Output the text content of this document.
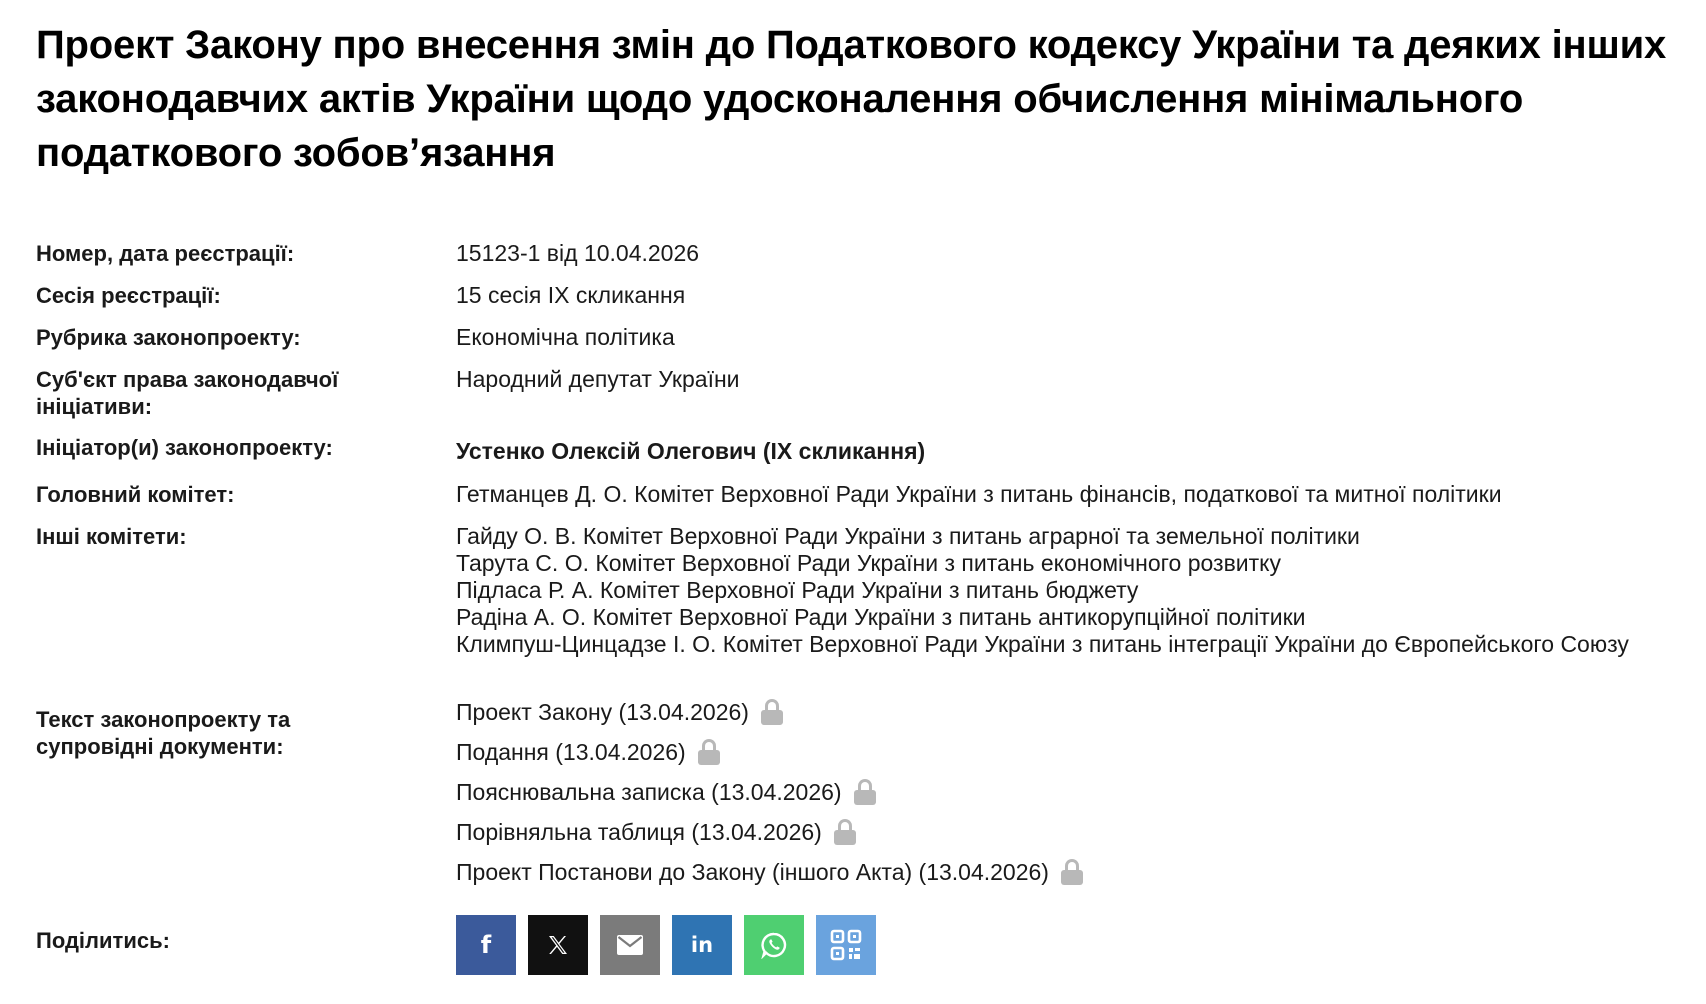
Проект Закону про внесення змін до Податкового кодексу України та деяких інших законодавчих актів України щодо удосконалення обчислення мінімального податкового зобов’язання
Номер, дата реєстрації:	15123-1 від 10.04.2026
Сесія реєстрації:	15 сесія IX скликання
Рубрика законопроекту:	Економічна політика
Суб'єкт права законодавчої ініціативи:
Народний депутат України
Ініціатор(и) законопроекту:	Устенко Олексій Олегович (IX скликання)
Головний комітет:	Гетманцев Д. О. Комітет Верховної Ради України з питань фінансів, податкової та митної політики
Інші комітети:	Гайду О. В. Комітет Верховної Ради України з питань аграрної та земельної політики
Тарута С. О. Комітет Верховної Ради України з питань економічного розвитку
Підласа Р. А. Комітет Верховної Ради України з питань бюджету
Радіна А. О. Комітет Верховної Ради України з питань антикорупційної політики
Климпуш-Цинцадзе І. О. Комітет Верховної Ради України з питань інтеграції України до Європейського Союзу
Текст законопроекту та супровідні документи:
Проект Закону (13.04.2026)
Подання (13.04.2026)
Пояснювальна записка (13.04.2026)
Порівняльна таблиця (13.04.2026)
Проект Постанови до Закону (іншого Акта) (13.04.2026)
Поділитись:	f	in
